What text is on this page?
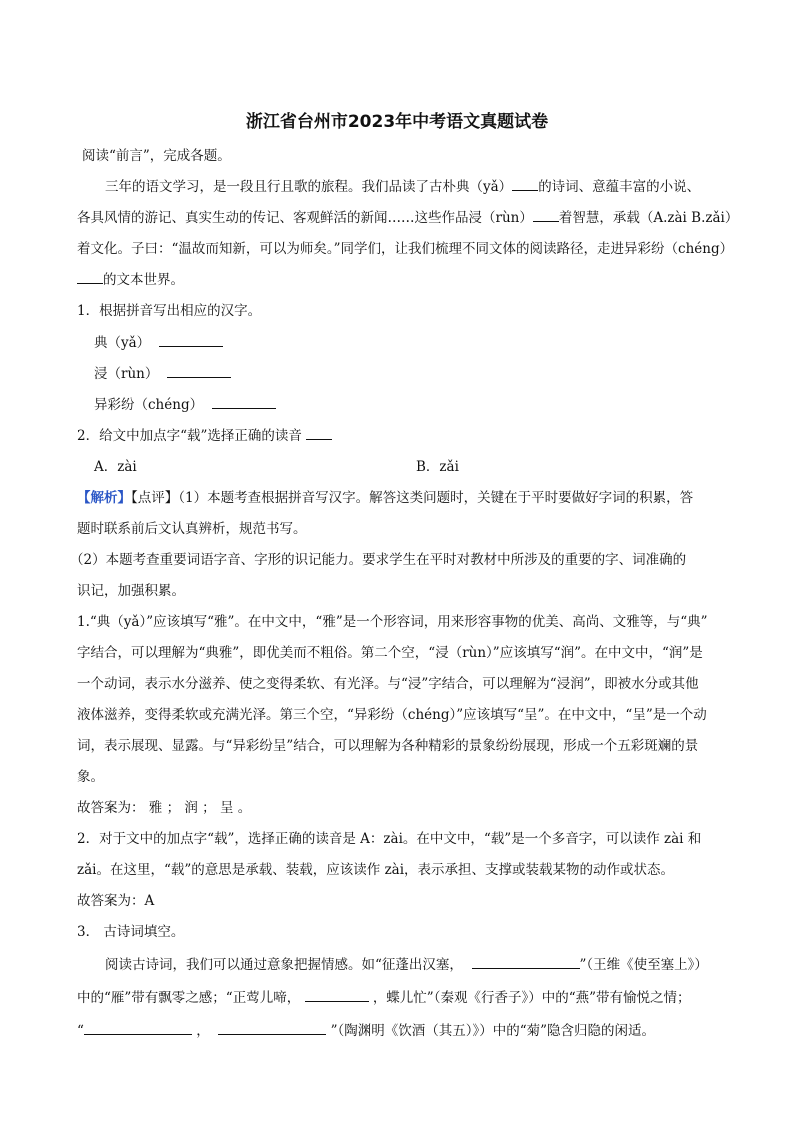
浙江省台州市2023年中考语文真题试卷
阅读“前言”，完成各题。
三年的语文学习，是一段且行且歌的旅程。我们品读了古朴典（yǎ） 的诗词、意蕴丰富的小说、
各具风情的游记、真实生动的传记、客观鲜活的新闻……这些作品浸（rùn） 着智慧，承载（A.zài B.zǎi）
着文化。子曰：“温故而知新，可以为师矣。”同学们，让我们梳理不同文体的阅读路径，走进异彩纷（chéng）
的文本世界。
1．根据拼音写出相应的汉字。
典（yǎ）
浸（rùn）
异彩纷（chéng）
2．给文中加点字“载”选择正确的读音
A．zài	B．zǎi
【解析】【点评】（1）本题考查根据拼音写汉字。解答这类问题时，关键在于平时要做好字词的积累，答
题时联系前后文认真辨析，规范书写。
（2）本题考查重要词语字音、字形的识记能力。要求学生在平时对教材中所涉及的重要的字、词准确的
识记，加强积累。
1.“典（yǎ）”应该填写“雅”。在中文中，“雅”是一个形容词，用来形容事物的优美、高尚、文雅等，与“典”
字结合，可以理解为“典雅”，即优美而不粗俗。第二个空，“浸（rùn）”应该填写“润”。在中文中，“润”是
一个动词，表示水分滋养、使之变得柔软、有光泽。与“浸”字结合，可以理解为“浸润”，即被水分或其他
液体滋养，变得柔软或充满光泽。第三个空，“异彩纷（chéng）”应该填写“呈”。在中文中，“呈”是一个动
词，表示展现、显露。与“异彩纷呈”结合，可以理解为各种精彩的景象纷纷展现，形成一个五彩斑斓的景
象。
故答案为： 雅 ； 润 ； 呈 。
2．对于文中的加点字“载”，选择正确的读音是 A：zài。在中文中，“载”是一个多音字，可以读作 zài 和
zǎi。在这里，“载”的意思是承载、装载，应该读作 zài，表示承担、支撑或装载某物的动作或状态。
故答案为：A
3． 古诗词填空。
阅读古诗词，我们可以通过意象把握情感。如“征蓬出汉塞，	”（王维《使至塞上》）
中的“雁”带有飘零之感；“正莺儿啼，	，蝶儿忙”（秦观《行香子》）中的“燕”带有愉悦之情；
“	，	”（陶渊明《饮酒（其五）》）中的“菊”隐含归隐的闲适。
